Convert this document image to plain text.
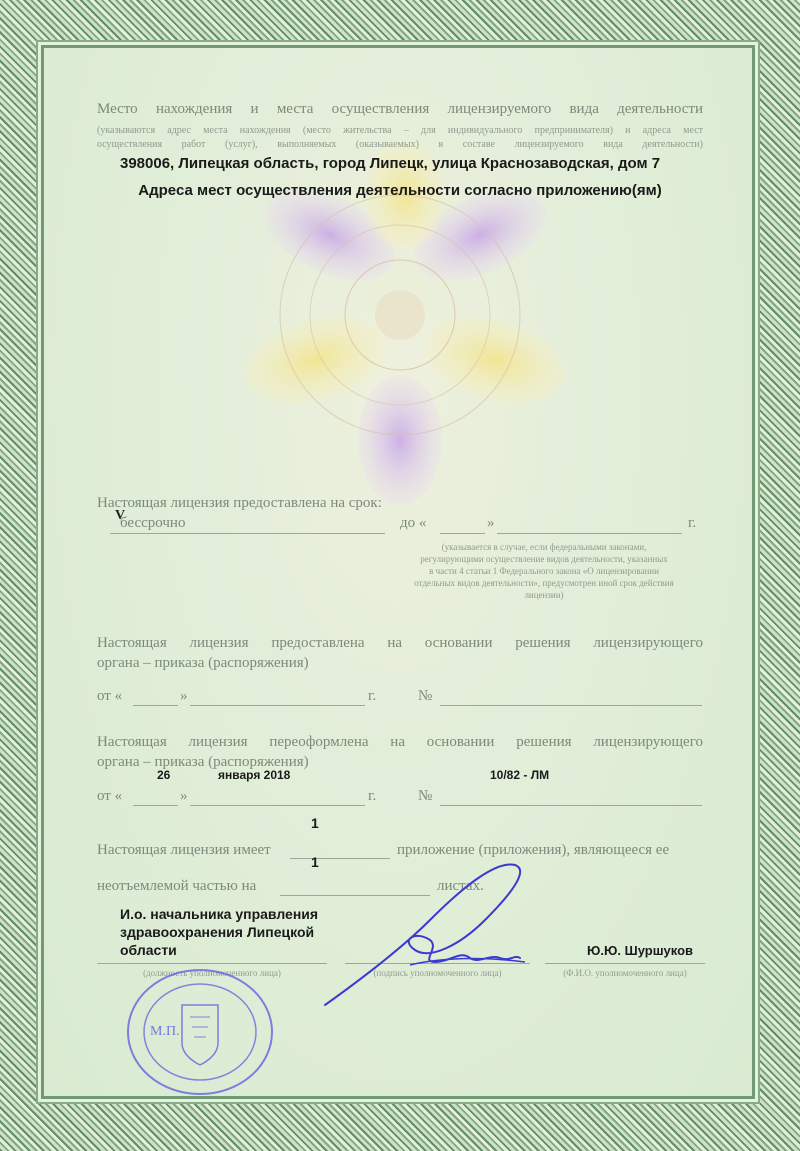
Место нахождения и места осуществления лицензируемого вида деятельности
(указываются адрес места нахождения (место жительства – для индивидуального предпринимателя) и адреса мест
осуществления работ (услуг), выполняемых (оказываемых) в составе лицензируемого вида деятельности)
398006, Липецкая область, город Липецк, улица Краснозаводская, дом 7
Адреса мест осуществления деятельности согласно приложению(ям)
Настоящая лицензия предоставлена на срок:
V
бессрочно	до «	»	г.
(указывается в случае, если федеральными законами,
регулирующими осуществление видов деятельности, указанных
в части 4 статьи 1 Федерального закона «О лицензировании
отдельных видов деятельности», предусмотрен иной срок действия
лицензии)
Настоящая лицензия предоставлена на основании решения лицензирующего
органа – приказа (распоряжения)
от «	»	г.	№
Настоящая лицензия переоформлена на основании решения лицензирующего
органа – приказа (распоряжения)
26	января 2018	10/82 - ЛМ
от «	»	г.	№
1
Настоящая лицензия имеет	приложение (приложения), являющееся ее
1
неотъемлемой частью на	листах.
И.о. начальника управления
здравоохранения Липецкой
области	Ю.Ю. Шуршуков
(должность уполномоченного лица)	(подпись уполномоченного лица)	(Ф.И.О. уполномоченного лица)
М.П.
